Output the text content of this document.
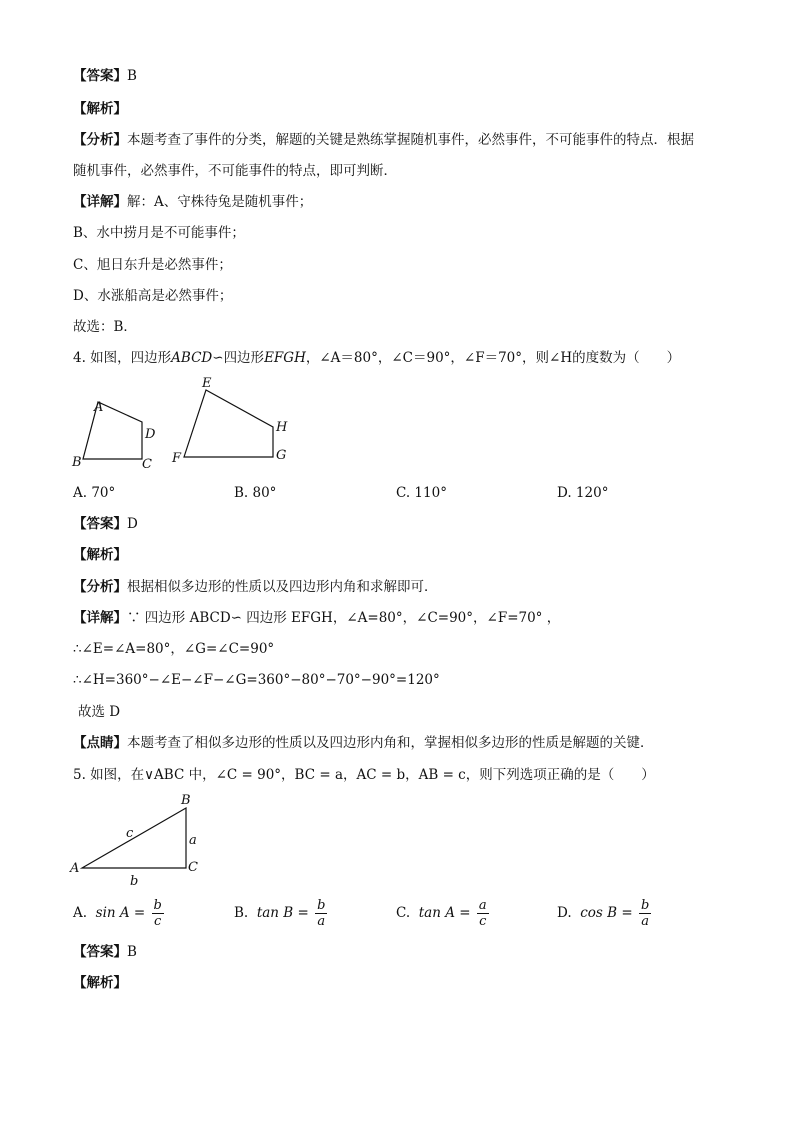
【答案】B
【解析】
【分析】本题考查了事件的分类，解题的关键是熟练掌握随机事件，必然事件，不可能事件的特点．根据
随机事件，必然事件，不可能事件的特点，即可判断．
【详解】解：A、守株待兔是随机事件；
B、水中捞月是不可能事件；
C、旭日东升是必然事件；
D、水涨船高是必然事件；
故选：B．
4. 如图，四边形ABCD∽四边形EFGH，∠A＝80°，∠C＝90°，∠F＝70°，则∠H的度数为（　　）
A
B	C
D
E
F	G
H
A. 70°	B. 80°	C. 110°	D. 120°
【答案】D
【解析】
【分析】根据相似多边形的性质以及四边形内角和求解即可．
【详解】∵ 四边形 ABCD∽ 四边形 EFGH，∠A=80°，∠C=90°，∠F=70° ，
∴∠E=∠A=80°，∠G=∠C=90°
∴∠H=360°−∠E−∠F−∠G=360°−80°−70°−90°=120°
故选 D
【点睛】本题考查了相似多边形的性质以及四边形内角和，掌握相似多边形的性质是解题的关键．
5. 如图，在∨ABC 中，∠C = 90°，BC = a，AC = b，AB = c，则下列选项正确的是（　　）
B
A	C
a
b
c
A. $\sin A = \frac{b}{c}$	B. $\tan B = \frac{b}{a}$	C. $\tan A = \frac{a}{c}$	D. $\cos B = \frac{b}{a}$
【答案】B
【解析】
